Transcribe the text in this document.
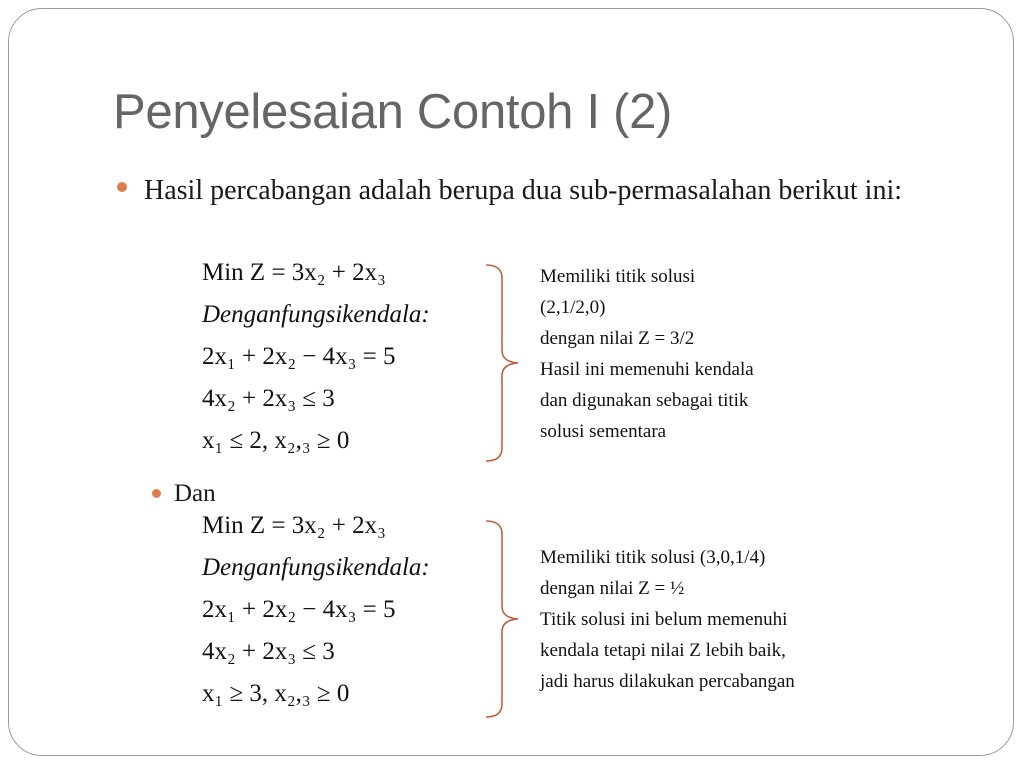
Penyelesaian Contoh I (2)
Hasil percabangan adalah berupa dua sub-permasalahan berikut ini:
Min Z = 3x₂ + 2x₃
Denganfungsikendala:
2x₁ + 2x₂ − 4x₃ = 5
4x₂ + 2x₃ ≤ 3
x₁ ≤ 2, x₂,₃ ≥ 0
Memiliki titik solusi
(2,1/2,0)
dengan nilai Z = 3/2
Hasil ini memenuhi kendala
dan digunakan sebagai titik
solusi sementara
Dan
Min Z = 3x₂ + 2x₃
Denganfungsikendala:
2x₁ + 2x₂ − 4x₃ = 5
4x₂ + 2x₃ ≤ 3
x₁ ≥ 3, x₂,₃ ≥ 0
Memiliki titik solusi (3,0,1/4)
dengan nilai Z = ½
Titik solusi ini belum memenuhi
kendala tetapi nilai Z lebih baik,
jadi harus dilakukan percabangan
